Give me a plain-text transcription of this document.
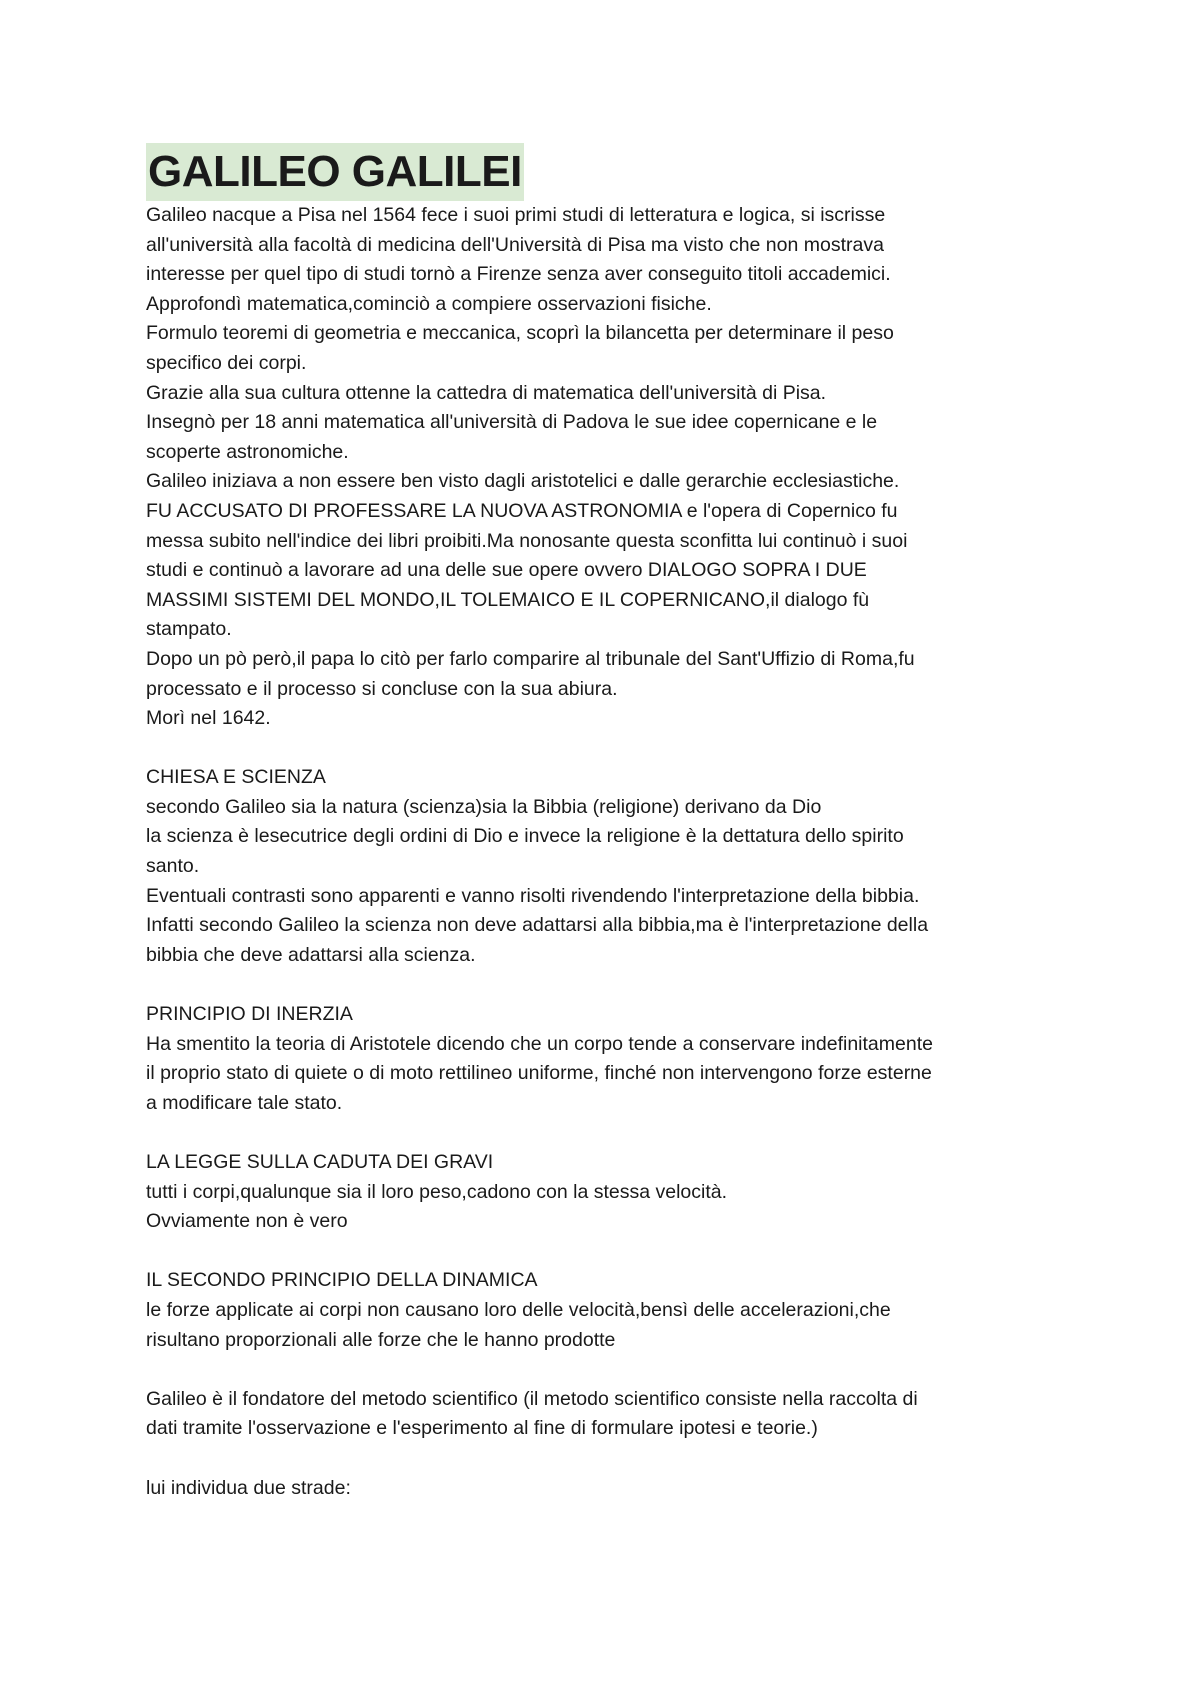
GALILEO GALILEI

Galileo nacque a Pisa nel 1564 fece i suoi primi studi di letteratura e logica, si iscrisse

all'università alla facoltà di medicina dell'Università di Pisa ma visto che non mostrava

interesse per quel tipo di studi tornò a Firenze senza aver conseguito titoli accademici.

Approfondì matematica,cominciò a compiere osservazioni fisiche.

Formulo teoremi di geometria e meccanica, scoprì la bilancetta per determinare il peso

specifico dei corpi.

Grazie alla sua cultura ottenne la cattedra di matematica dell'università di Pisa.

Insegnò per 18 anni matematica all'università di Padova le sue idee copernicane e le

scoperte astronomiche.

Galileo iniziava a non essere ben visto dagli aristotelici e dalle gerarchie ecclesiastiche.

FU ACCUSATO DI PROFESSARE LA NUOVA ASTRONOMIA e l'opera di Copernico fu

messa subito nell'indice dei libri proibiti.Ma nonosante questa sconfitta lui continuò i suoi

studi e continuò a lavorare ad una delle sue opere ovvero DIALOGO SOPRA I DUE

MASSIMI SISTEMI DEL MONDO,IL TOLEMAICO E IL COPERNICANO,il dialogo fù

stampato.

Dopo un pò però,il papa lo citò per farlo comparire al tribunale del Sant'Uffizio di Roma,fu

processato e il processo si concluse con la sua abiura.

Morì nel 1642.

CHIESA E SCIENZA

secondo Galileo sia la natura (scienza)sia la Bibbia (religione) derivano da Dio

la scienza è lesecutrice degli ordini di Dio e invece la religione è la dettatura dello spirito

santo.

Eventuali contrasti sono apparenti e vanno risolti rivendendo l'interpretazione della bibbia.

Infatti secondo Galileo la scienza non deve adattarsi alla bibbia,ma è l'interpretazione della

bibbia che deve adattarsi alla scienza.

PRINCIPIO DI INERZIA

Ha smentito la teoria di Aristotele dicendo che un corpo tende a conservare indefinitamente

il proprio stato di quiete o di moto rettilineo uniforme, finché non intervengono forze esterne

a modificare tale stato.

LA LEGGE SULLA CADUTA DEI GRAVI

tutti i corpi,qualunque sia il loro peso,cadono con la stessa velocità.

Ovviamente non è vero

IL SECONDO PRINCIPIO DELLA DINAMICA

le forze applicate ai corpi non causano loro delle velocità,bensì delle accelerazioni,che

risultano proporzionali alle forze che le hanno prodotte

Galileo è il fondatore del metodo scientifico (il metodo scientifico consiste nella raccolta di

dati tramite l'osservazione e l'esperimento al fine di formulare ipotesi e teorie.)

lui individua due strade:
